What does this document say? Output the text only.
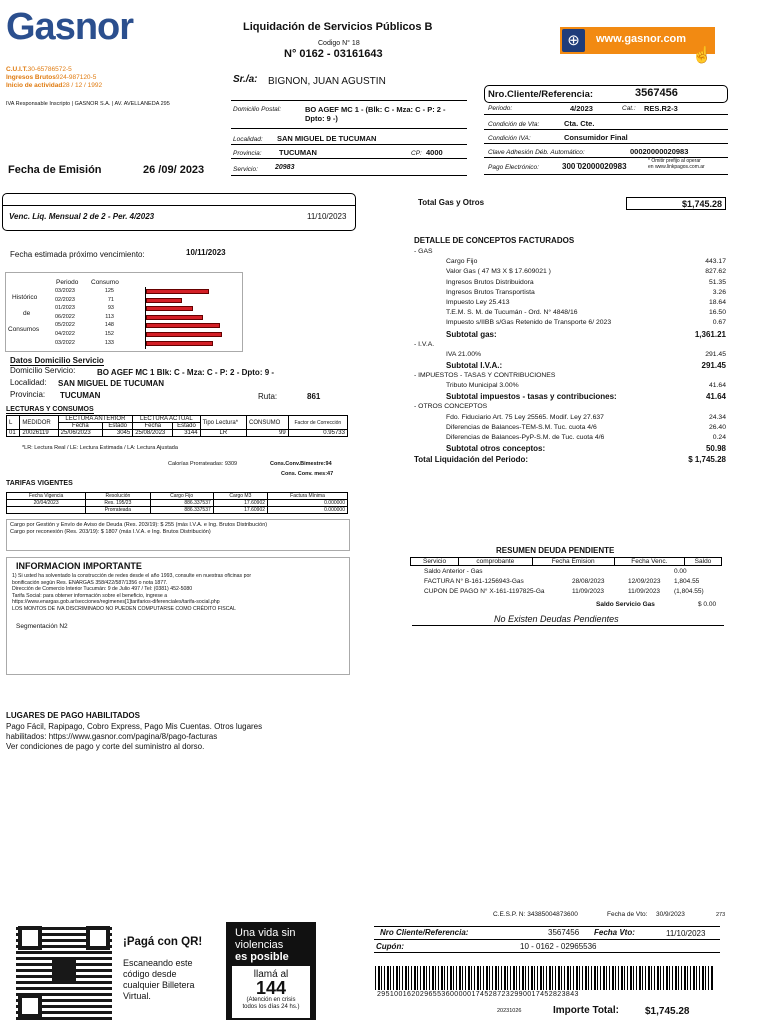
Gasnor	Liquidación de Servicios Públicos B
Codigo N° 18
N° 0162 - 03161643
⊕	www.gasnor.com
☝
C.U.I.T.30-65786572-5
Ingresos Brutos924-987120-5
Inicio de actividad28 / 12 / 1992
IVA Responsable Inscripto | GASNOR S.A. | AV. AVELLANEDA 295
Sr./a: BIGNON, JUAN AGUSTIN
Domicilio Postal:	BO AGEF MC 1 - (Blk: C - Mza: C - P: 2 - Dpto: 9 -)
Localidad: SAN MIGUEL DE TUCUMAN
Provincia: TUCUMAN	CP: 4000
Servicio: 20983
Nro.Cliente/Referencia:	3567456
Periodo:	4/2023	Cat.: RES.R2-3
Condición de Vta:	Cta. Cte.
Condición IVA:	Consumidor Final
Clave Adhesión Déb. Automático:	00020000020983
Pago Electrónico:	300 ̄02000020983
* Omitir prefijo al operar
en www.linkpagos.com.ar
Fecha de Emisión	26 /09/ 2023
Venc. Liq. Mensual 2 de 2 - Per. 4/2023	11/10/2023
Total Gas y Otros	$1,745.28
Fecha estimada próximo vencimiento:	10/11/2023
Periodo Consumo
Histórico
de
Consumos
03/2023	125
02/2023	71
01/2023	93
06/2022	113
05/2022	148
04/2022	152
03/2022	133
Datos Domicilio Servicio
Domicilio Servicio:	BO AGEF MC 1 Blk: C - Mza: C - P: 2 - Dpto: 9 -
Localidad: SAN MIGUEL DE TUCUMAN
Provincia: TUCUMAN	Ruta:	861
LECTURAS Y CONSUMOS
L	MEDIDOR	LECTURA ANTERIOR		LECTURA ACTUAL		Tipo Lectura*	CONSUMO	Factor de Corrección
		Fecha	Estado	Fecha	Estado			
01	20026119	25/06/2023	3045	25/08/2023	3144	LR	99	0.95733
*LR: Lectura Real / LE: Lectura Estimada / LA: Lectura Ajustada
Calorías Prorrateadas: 9309	Cons.Conv.Bimestre:94
Cons. Conv. mes:47
TARIFAS VIGENTES
Fecha Vigencia	Resolución	Cargo Fijo	Cargo M3	Factura Mínima
20/04/2023	Res. 195/23	886.337537	17.60902	0.000000
	Prorrateada	886.337537	17.60902	0.000000
Cargo por Gestión y Envío de Aviso de Deuda (Res. 203/19): $ 255 (más I.V.A. e Ing. Brutos Distribución)
Cargo por reconexión (Res. 203/19): $ 1807 (más I.V.A. e Ing. Brutos Distribución)
INFORMACION IMPORTANTE
1) Si usted ha solventado la construcción de redes desde el año 1993, consulte en nuestras oficinas por
bonificación según Res. ENARGAS 358/422/587/1356 o nota 1877.
Dirección de Comercio Interior Tucumán: 9 de Julio 497 / Tel: (0381) 452-5080
Tarifa Social: para obtener información sobre el beneficio, ingrese a
https://www.enargas.gob.ar/secciones/regimenes[1]tarifarios-diferenciales/tarifa-social.php
LOS MONTOS DE IVA DISCRIMINADO NO PUEDEN COMPUTARSE COMO CRÉDITO FISCAL
Segmentación N2
LUGARES DE PAGO HABILITADOS
Pago Fácil, Rapipago, Cobro Express, Pago Mis Cuentas. Otros lugares
habilitados: https://www.gasnor.com/pagina/8/pago-facturas
Ver condiciones de pago y corte del suministro al dorso.
DETALLE DE CONCEPTOS FACTURADOS
- GAS
Cargo Fijo	443.17
Valor Gas ( 47 M3 X $ 17.609021 )	827.62
Ingresos Brutos Distribuidora	51.35
Ingresos Brutos Transportista	3.26
Impuesto Ley 25.413	18.64
T.E.M. S. M. de Tucumán - Ord. N° 4848/16	16.50
Impuesto s/IIBB s/Gas Retenido de Transporte 6/ 2023	0.67
Subtotal gas:	1,361.21
- I.V.A.
IVA 21.00%	291.45
Subtotal I.V.A.:	291.45
- IMPUESTOS - TASAS Y CONTRIBUCIONES
Tributo Municipal 3.00%	41.64
Subtotal impuestos - tasas y contribuciones:	41.64
- OTROS CONCEPTOS
Fdo. Fiduciario Art. 75 Ley 25565. Modif. Ley 27.637	24.34
Diferencias de Balances-TEM-S.M. Tuc. cuota 4/6	26.40
Diferencias de Balances-PyP-S.M. de Tuc. cuota 4/6	0.24
Subtotal otros conceptos:	50.98
Total Liquidación del Periodo:	$ 1,745.28
RESUMEN DEUDA PENDIENTE
Servicio	comprobante	Fecha Emision	Fecha Venc.	Saldo
Saldo Anterior - Gas	0.00
FACTURA N° B-161-1256943-Gas	28/08/2023	12/09/2023 1,804.55
CUPON DE PAGO N° X-161-1197825-Ga	11/09/2023	11/09/2023 (1,804.55)
Saldo Servicio Gas	$ 0.00
No Existen Deudas Pendientes
¡Pagá con QR!
Escaneando este
código desde
cualquier Billetera
Virtual.
Una vida sin
violencias
es posible
llamá al
144
(Atención en crisis
todos los días 24 hs.)
C.E.S.P. N: 34385004873600	Fecha de Vto: 30/9/2023	273
Nro Cliente/Referencia:	3567456 Fecha Vto:	11/10/2023
Cupón:	10 - 0162 - 02965536
29510016202965536000001745287232990017452823843
20231026	Importe Total:	$1,745.28
